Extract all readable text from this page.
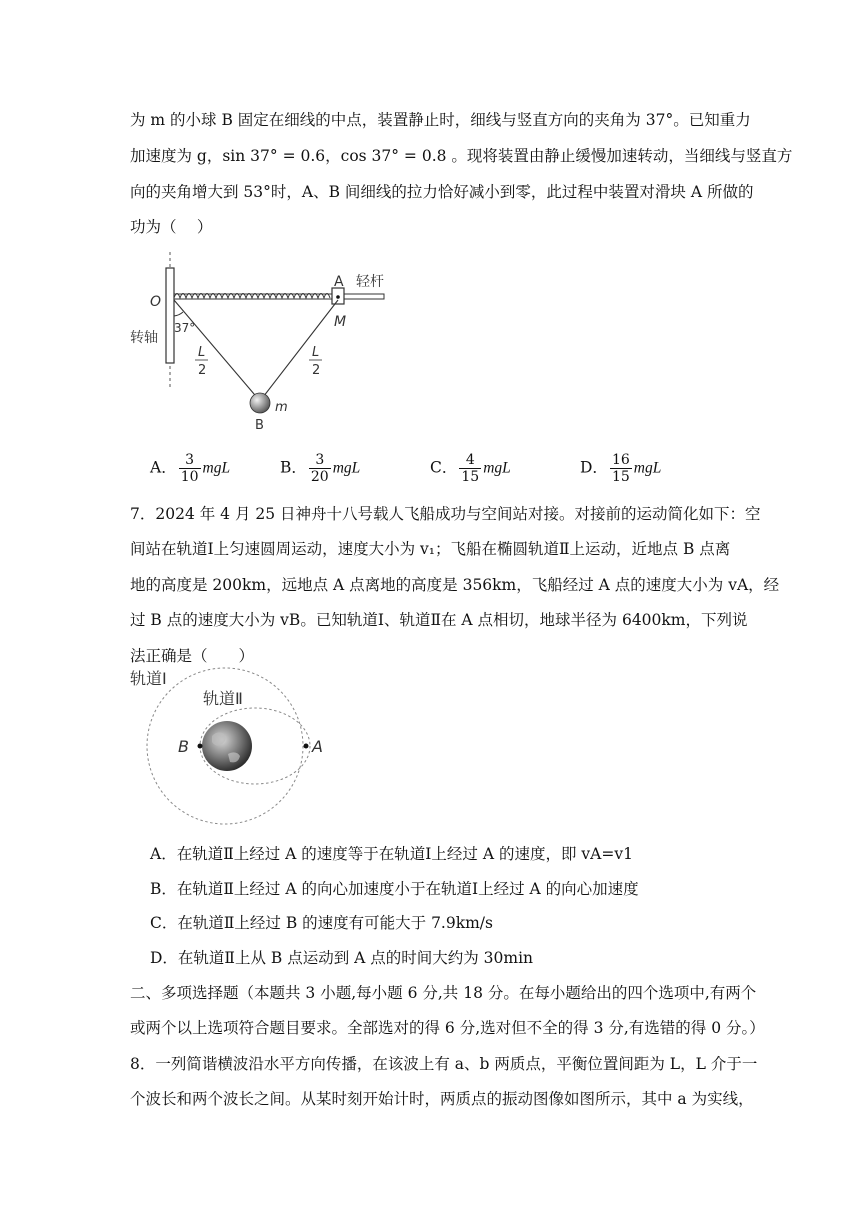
为 m 的小球 B 固定在细线的中点，装置静止时，细线与竖直方向的夹角为 37°。已知重力
加速度为 g，sin 37° = 0.6，cos 37° = 0.8 。现将装置由静止缓慢加速转动，当细线与竖直方
向的夹角增大到 53°时，A、B 间细线的拉力恰好减小到零，此过程中装置对滑块 A 所做的
功为（　 ）
A 轻杆
O
M
转轴
37°
L
2
L
2
m
B
A． $\frac{3}{10}$ mgL	B． $\frac{3}{20}$ mgL	C． $\frac{4}{15}$ mgL	D． $\frac{16}{15}$ mgL
7．2024 年 4 月 25 日神舟十八号载人飞船成功与空间站对接。对接前的运动简化如下：空
间站在轨道Ⅰ上匀速圆周运动，速度大小为 v₁；飞船在椭圆轨道Ⅱ上运动，近地点 B 点离
地的高度是 200km，远地点 A 点离地的高度是 356km，飞船经过 A 点的速度大小为 vA，经
过 B 点的速度大小为 vB。已知轨道Ⅰ、轨道Ⅱ在 A 点相切，地球半径为 6400km，下列说
法正确是（　　）
轨道Ⅰ
轨道Ⅱ
B	A
A．在轨道Ⅱ上经过 A 的速度等于在轨道Ⅰ上经过 A 的速度，即 vA=v1
B．在轨道Ⅱ上经过 A 的向心加速度小于在轨道Ⅰ上经过 A 的向心加速度
C．在轨道Ⅱ上经过 B 的速度有可能大于 7.9km/s
D．在轨道Ⅱ上从 B 点运动到 A 点的时间大约为 30min
二、多项选择题（本题共 3 小题,每小题 6 分,共 18 分。在每小题给出的四个选项中,有两个
或两个以上选项符合题目要求。全部选对的得 6 分,选对但不全的得 3 分,有选错的得 0 分。）
8．一列简谐横波沿水平方向传播，在该波上有 a、b 两质点，平衡位置间距为 L，L 介于一
个波长和两个波长之间。从某时刻开始计时，两质点的振动图像如图所示，其中 a 为实线，
